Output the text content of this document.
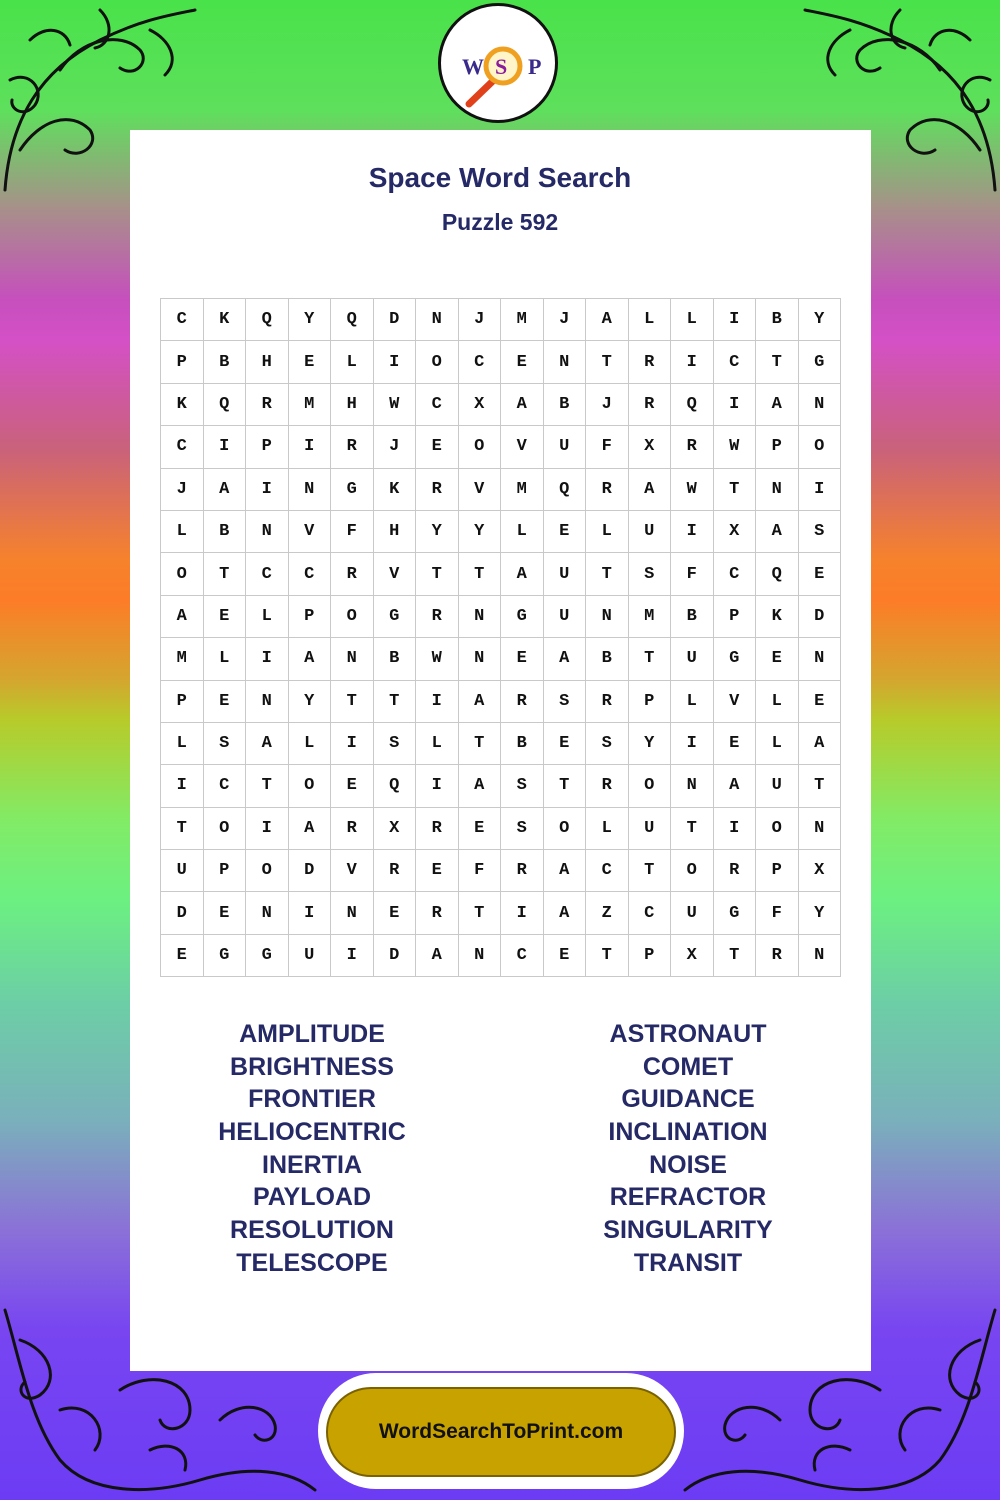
W S P
Space Word Search
Puzzle 592
C	K	Q	Y	Q	D	N	J	M	J	A	L	L	I	B	Y
P	B	H	E	L	I	O	C	E	N	T	R	I	C	T	G
K	Q	R	M	H	W	C	X	A	B	J	R	Q	I	A	N
C	I	P	I	R	J	E	O	V	U	F	X	R	W	P	O
J	A	I	N	G	K	R	V	M	Q	R	A	W	T	N	I
L	B	N	V	F	H	Y	Y	L	E	L	U	I	X	A	S
O	T	C	C	R	V	T	T	A	U	T	S	F	C	Q	E
A	E	L	P	O	G	R	N	G	U	N	M	B	P	K	D
M	L	I	A	N	B	W	N	E	A	B	T	U	G	E	N
P	E	N	Y	T	T	I	A	R	S	R	P	L	V	L	E
L	S	A	L	I	S	L	T	B	E	S	Y	I	E	L	A
I	C	T	O	E	Q	I	A	S	T	R	O	N	A	U	T
T	O	I	A	R	X	R	E	S	O	L	U	T	I	O	N
U	P	O	D	V	R	E	F	R	A	C	T	O	R	P	X
D	E	N	I	N	E	R	T	I	A	Z	C	U	G	F	Y
E	G	G	U	I	D	A	N	C	E	T	P	X	T	R	N
AMPLITUDE
BRIGHTNESS
FRONTIER
HELIOCENTRIC
INERTIA
PAYLOAD
RESOLUTION
TELESCOPE
ASTRONAUT
COMET
GUIDANCE
INCLINATION
NOISE
REFRACTOR
SINGULARITY
TRANSIT
WordSearchToPrint.com
